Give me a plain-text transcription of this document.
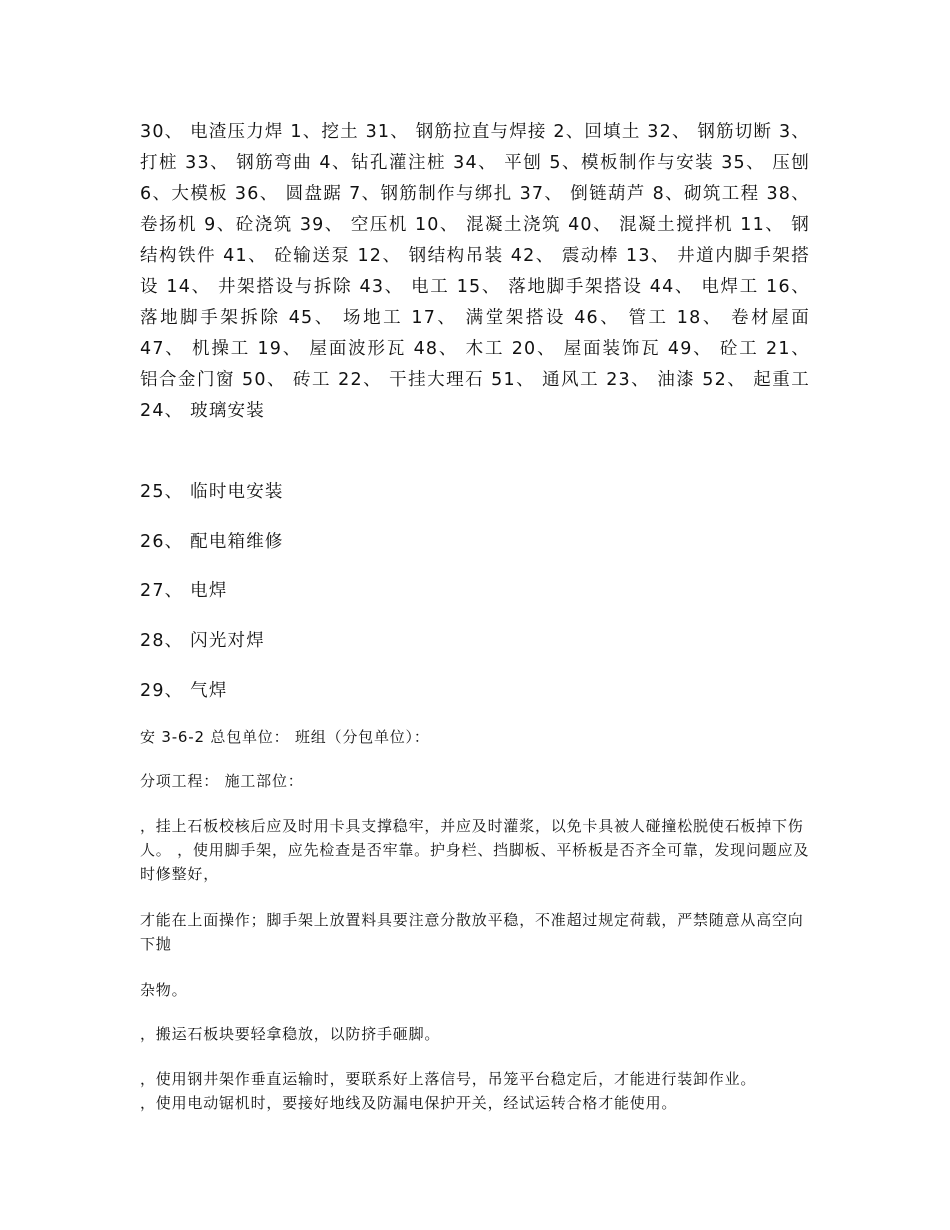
30、 电渣压力焊 1、挖土 31、 钢筋拉直与焊接 2、回填土 32、 钢筋切断 3、打桩 33、 钢筋弯曲 4、钻孔灌注桩 34、 平刨 5、模板制作与安装 35、 压刨 6、大模板 36、 圆盘踞 7、钢筋制作与绑扎 37、 倒链葫芦 8、砌筑工程 38、 卷扬机 9、砼浇筑 39、 空压机 10、 混凝土浇筑 40、 混凝土搅拌机 11、 钢结构铁件 41、 砼输送泵 12、 钢结构吊装 42、 震动棒 13、 井道内脚手架搭设 14、 井架搭设与拆除 43、 电工 15、 落地脚手架搭设 44、 电焊工 16、 落地脚手架拆除 45、 场地工 17、 满堂架搭设 46、 管工 18、 卷材屋面 47、 机操工 19、 屋面波形瓦 48、 木工 20、 屋面装饰瓦 49、 砼工 21、 铝合金门窗 50、 砖工 22、 干挂大理石 51、 通风工 23、 油漆 52、 起重工 24、 玻璃安装

25、 临时电安装

26、 配电箱维修

27、 电焊

28、 闪光对焊

29、 气焊

安 3-6-2 总包单位： 班组（分包单位）：

分项工程： 施工部位：

，挂上石板校核后应及时用卡具支撑稳牢，并应及时灌浆，以免卡具被人碰撞松脱使石板掉下伤人。 ，使用脚手架，应先检查是否牢靠。护身栏、挡脚板、平桥板是否齐全可靠，发现问题应及时修整好，

才能在上面操作；脚手架上放置料具要注意分散放平稳，不准超过规定荷载，严禁随意从高空向下抛

杂物。

，搬运石板块要轻拿稳放，以防挤手砸脚。

，使用钢井架作垂直运输时，要联系好上落信号，吊笼平台稳定后，才能进行装卸作业。

，使用电动锯机时，要接好地线及防漏电保护开关，经试运转合格才能使用。
